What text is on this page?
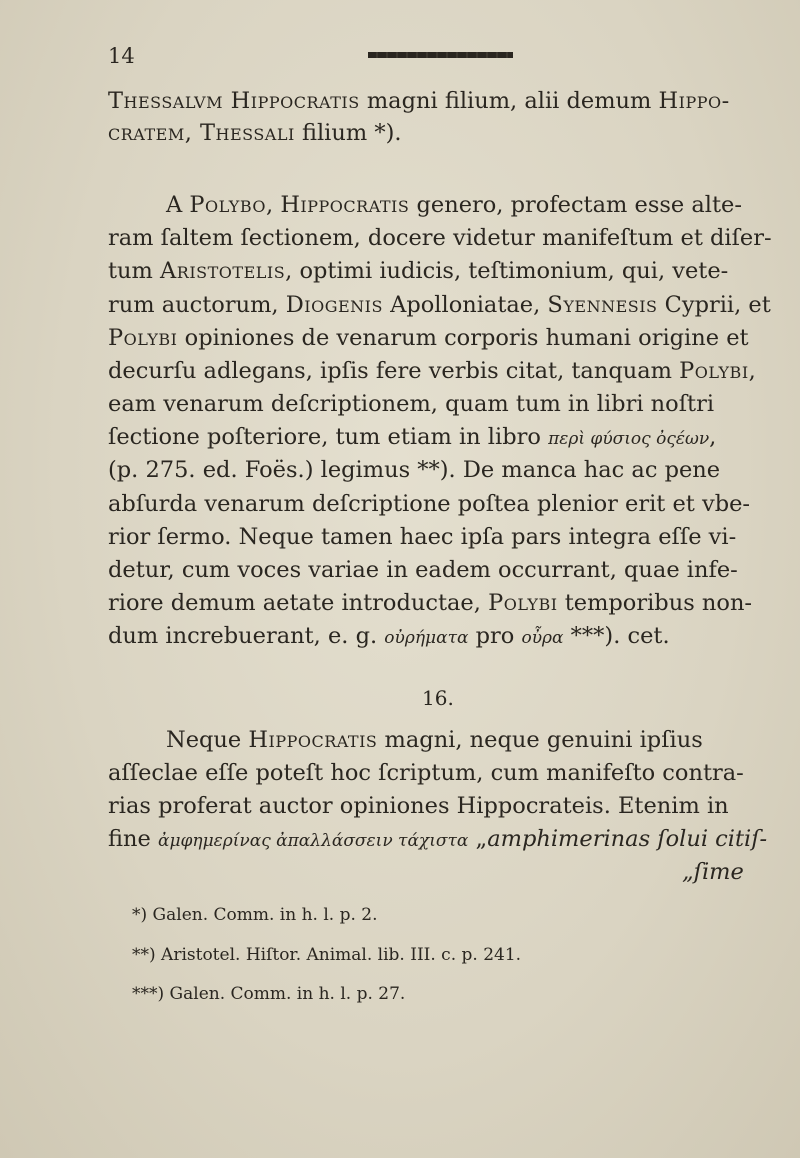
14
Thessalvm Hippocratis magni filium, alii demum Hippo-
cratem, Thessali filium *).
A Polybo, Hippocratis genero, profectam esse alte-
ram ſaltem ſectionem, docere videtur manifeſtum et diſer-
tum Aristotelis, optimi iudicis, teſtimonium, qui, vete-
rum auctorum, Diogenis Apolloniatae, Syennesis Cyprii, et
Polybi opiniones de venarum corporis humani origine et
decurſu adlegans, ipſis fere verbis citat, tanquam Polybi,
eam venarum deſcriptionem, quam tum in libri noſtri
ſectione poſteriore, tum etiam in libro περὶ φύσιος ὀςέων,
(p. 275. ed. Foës.) legimus **). De manca hac ac pene
abſurda venarum deſcriptione poſtea plenior erit et vbe-
rior ſermo. Neque tamen haec ipſa pars integra eſſe vi-
detur, cum voces variae in eadem occurrant, quae infe-
riore demum aetate introductae, Polybi temporibus non-
dum increbuerant, e. g. οὐρήματα pro οὖρα ***). cet.
16.
Neque Hippocratis magni, neque genuini ipſius
aſſeclae eſſe poteſt hoc ſcriptum, cum manifeſto contra-
rias proferat auctor opiniones Hippocrateis. Etenim in
fine ἀμφημερίνας ἀπαλλάσσειν τάχιστα „amphimerinas ſolui citiſ-
„ſime
*) Galen. Comm. in h. l. p. 2.
**) Aristotel. Hiſtor. Animal. lib. III. c. p. 241.
***) Galen. Comm. in h. l. p. 27.
